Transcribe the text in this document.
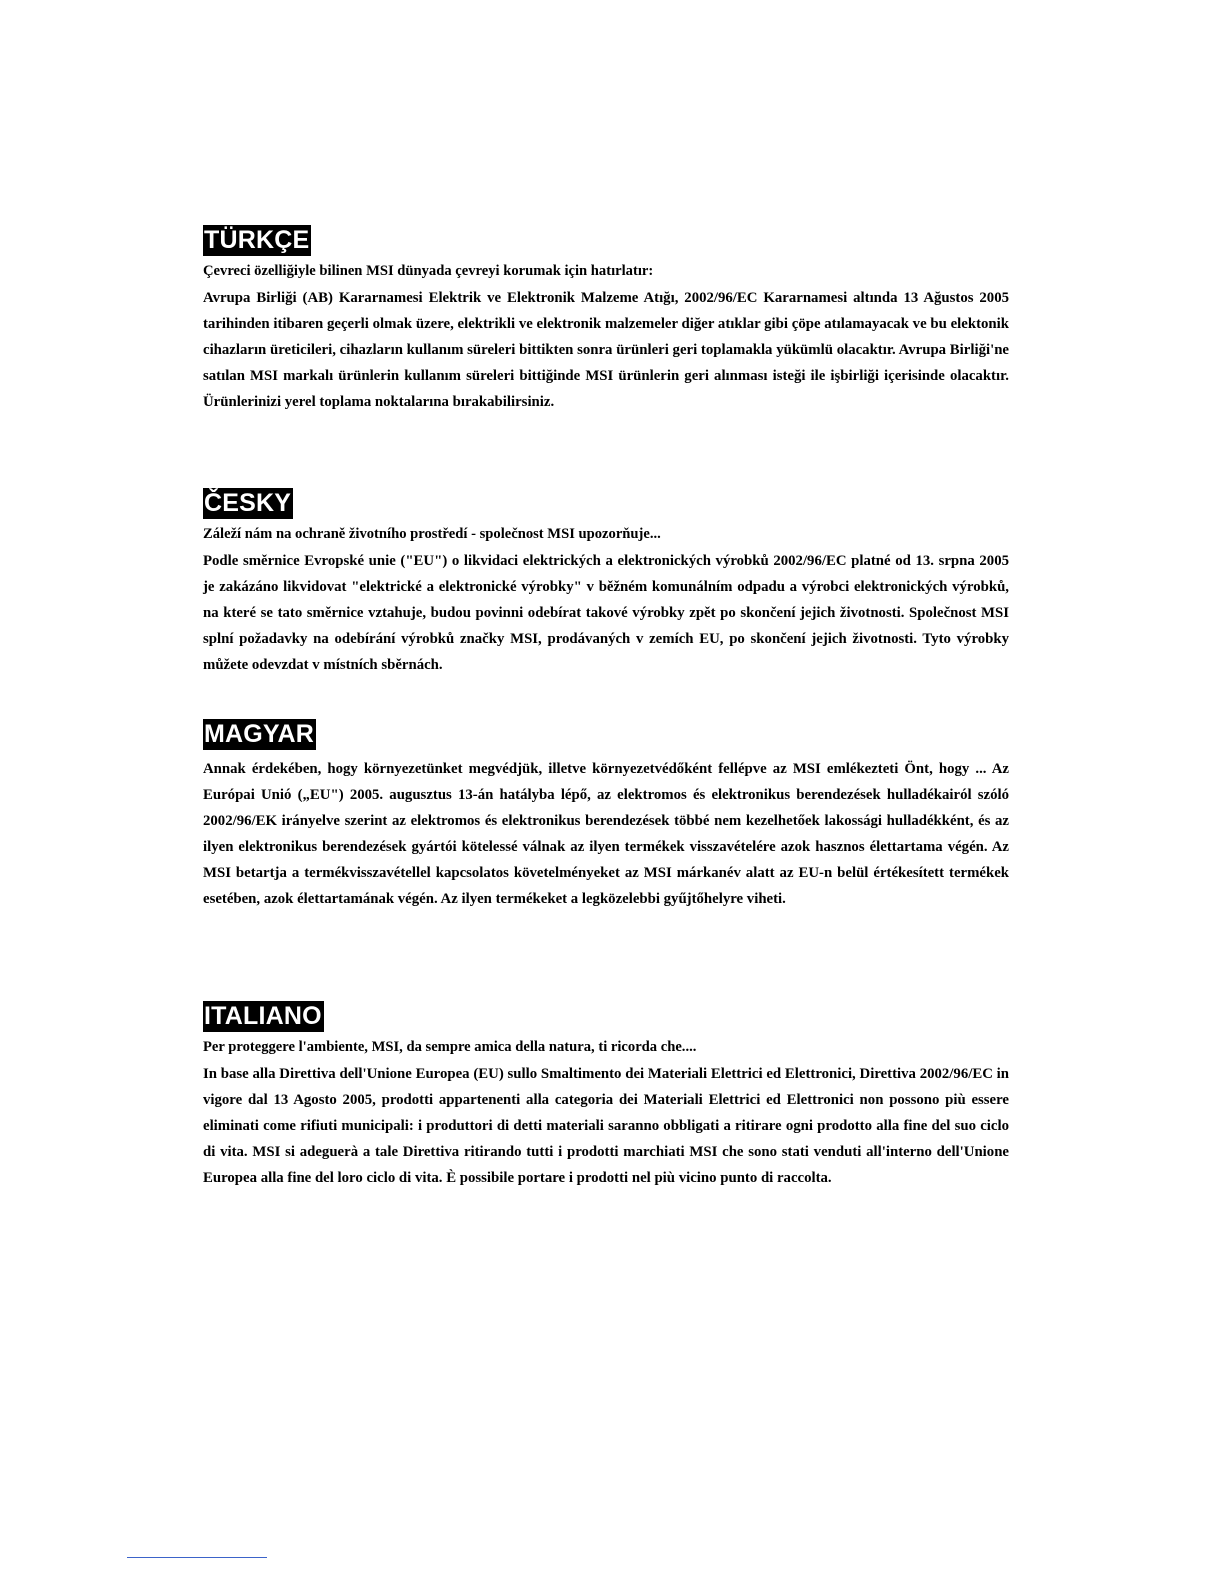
TÜRKÇE
Çevreci özelliğiyle bilinen MSI dünyada çevreyi korumak için hatırlatır:

Avrupa Birliği (AB) Kararnamesi Elektrik ve Elektronik Malzeme Atığı, 2002/96/EC Kararnamesi altında 13 Ağustos 2005 tarihinden itibaren geçerli olmak üzere, elektrikli ve elektronik malzemeler diğer atıklar gibi çöpe atılamayacak ve bu elektonik cihazların üreticileri, cihazların kullanım süreleri bittikten sonra ürünleri geri toplamakla yükümlü olacaktır. Avrupa Birliği'ne satılan MSI markalı ürünlerin kullanım süreleri bittiğinde MSI ürünlerin geri alınması isteği ile işbirliği içerisinde olacaktır. Ürünlerinizi yerel toplama noktalarına bırakabilirsiniz.

ČESKY
Záleží nám na ochraně životního prostředí - společnost MSI upozorňuje...

Podle směrnice Evropské unie ("EU") o likvidaci elektrických a elektronických výrobků 2002/96/EC platné od 13. srpna 2005 je zakázáno likvidovat "elektrické a elektronické výrobky" v běžném komunálním odpadu a výrobci elektronických výrobků, na které se tato směrnice vztahuje, budou povinni odebírat takové výrobky zpět po skončení jejich životnosti. Společnost MSI splní požadavky na odebírání výrobků značky MSI, prodávaných v zemích EU, po skončení jejich životnosti. Tyto výrobky můžete odevzdat v místních sběrnách.

MAGYAR

Annak érdekében, hogy környezetünket megvédjük, illetve környezetvédőként fellépve az MSI emlékezteti Önt, hogy ... Az Európai Unió („EU") 2005. augusztus 13-án hatályba lépő, az elektromos és elektronikus berendezések hulladékairól szóló 2002/96/EK irányelve szerint az elektromos és elektronikus berendezések többé nem kezelhetőek lakossági hulladékként, és az ilyen elektronikus berendezések gyártói kötelessé válnak az ilyen termékek visszavételére azok hasznos élettartama végén. Az MSI betartja a termékvisszavétellel kapcsolatos követelményeket az MSI márkanév alatt az EU-n belül értékesített termékek esetében, azok élettartamának végén. Az ilyen termékeket a legközelebbi gyűjtőhelyre viheti.

ITALIANO
Per proteggere l'ambiente, MSI, da sempre amica della natura, ti ricorda che....

In base alla Direttiva dell'Unione Europea (EU) sullo Smaltimento dei Materiali Elettrici ed Elettronici, Direttiva 2002/96/EC in vigore dal 13 Agosto 2005, prodotti appartenenti alla categoria dei Materiali Elettrici ed Elettronici non possono più essere eliminati come rifiuti municipali: i produttori di detti materiali saranno obbligati a ritirare ogni prodotto alla fine del suo ciclo di vita. MSI si adeguerà a tale Direttiva ritirando tutti i prodotti marchiati MSI che sono stati venduti all'interno dell'Unione Europea alla fine del loro ciclo di vita. È possibile portare i prodotti nel più vicino punto di raccolta.
